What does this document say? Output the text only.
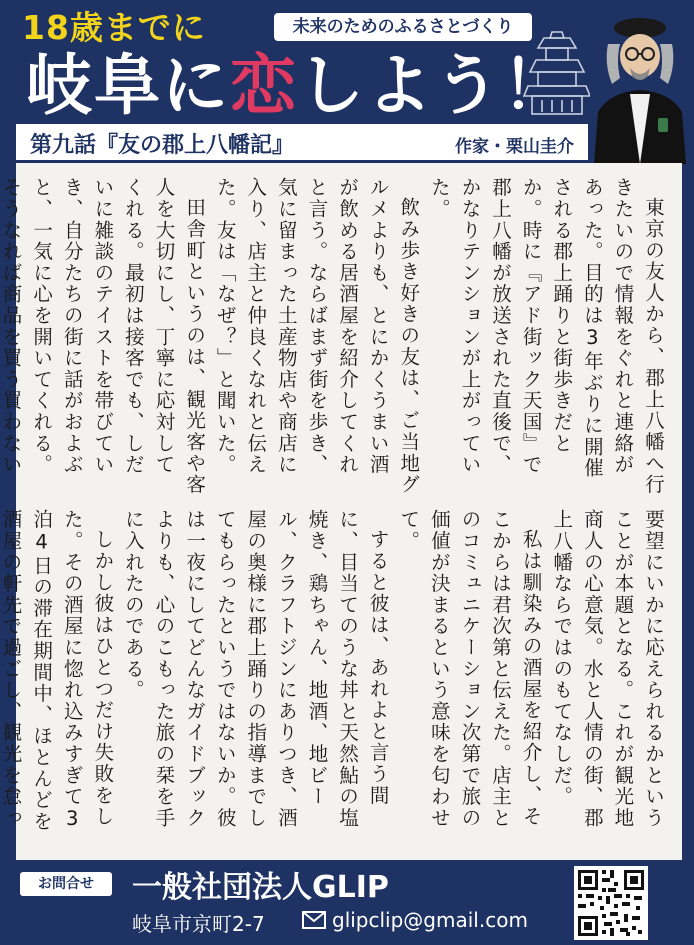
18歳までに	未来のためのふるさとづくり
岐阜に恋しよう！
第九話『友の郡上八幡記』	作家・栗山圭介

東京の友人から、郡上八幡へ行きたいので情報をぐれと連絡があった。目的は3年ぶりに開催される郡上踊りと街歩きだとか。時に『アド街ック天国』で郡上八幡が放送された直後で、かなりテンションが上がっていた。

飲み歩き好きの友は、ご当地グルメよりも、とにかくうまい酒が飲める居酒屋を紹介してくれと言う。ならばまず街を歩き、気に留まった土産物店や商店に入り、店主と仲良くなれと伝えた。友は「なぜ？」と聞いた。

田舎町というのは、観光客や客人を大切にし、丁寧に応対してくれる。最初は接客でも、しだいに雑談のテイストを帯びていき、自分たちの街に話がおよぶと、一気に心を開いてくれる。そうなれば商品を買う買わない

要望にいかに応えられるかということが本題となる。これが観光地商人の心意気。水と人情の街、郡上八幡ならではのもてなしだ。

私は馴染みの酒屋を紹介し、そこからは君次第と伝えた。店主とのコミュニケーション次第で旅の価値が決まるという意味を匂わせて。

すると彼は、あれよと言う間に、目当てのうな丼と天然鮎の塩焼き、鶏ちゃん、地酒、地ビール、クラフトジンにありつき、酒屋の奥様に郡上踊りの指導までしてもらったというではないか。彼は一夜にしてどんなガイドブックよりも、心のこもった旅の栞を手に入れたのである。

しかし彼はひとつだけ失敗をした。その酒屋に惚れ込みすぎて3泊4日の滞在期間中、ほとんどを酒屋の軒先で過ごし、観光を怠っ

お問合せ	一般社団法人GLIP
岐阜市京町2-7	glipclip@gmail.com
